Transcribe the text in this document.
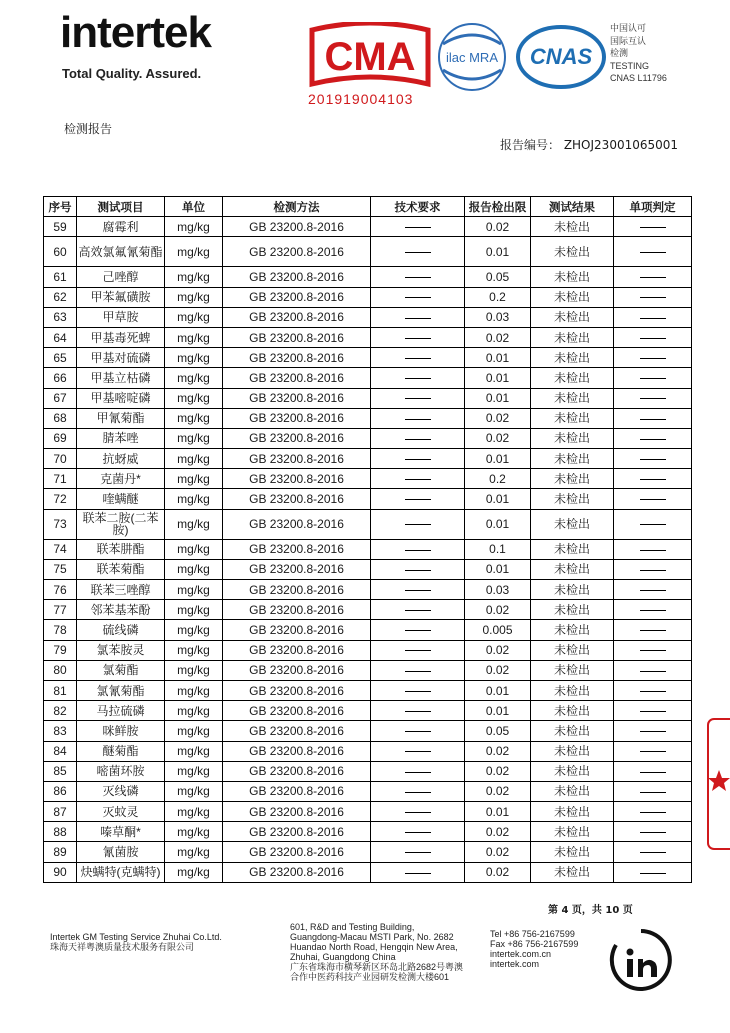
intertek
Total Quality. Assured.	CMA
201919004103
ilac MRA CNAS
中国认可
国际互认
检测
TESTING
CNAS L11796
检测报告
报告编号： ZHOJ23001065001
序号	测试项目	单位	检测方法	技术要求	报告检出限	测试结果	单项判定
59	腐霉利	mg/kg	GB 23200.8-2016		0.02	未检出	
60	高效氯氟氰菊酯	mg/kg	GB 23200.8-2016		0.01	未检出	
61	己唑醇	mg/kg	GB 23200.8-2016		0.05	未检出	
62	甲苯氟磺胺	mg/kg	GB 23200.8-2016		0.2	未检出	
63	甲草胺	mg/kg	GB 23200.8-2016		0.03	未检出	
64	甲基毒死蜱	mg/kg	GB 23200.8-2016		0.02	未检出	
65	甲基对硫磷	mg/kg	GB 23200.8-2016		0.01	未检出	
66	甲基立枯磷	mg/kg	GB 23200.8-2016		0.01	未检出	
67	甲基嘧啶磷	mg/kg	GB 23200.8-2016		0.01	未检出	
68	甲氰菊酯	mg/kg	GB 23200.8-2016		0.02	未检出	
69	腈苯唑	mg/kg	GB 23200.8-2016		0.02	未检出	
70	抗蚜威	mg/kg	GB 23200.8-2016		0.01	未检出	
71	克菌丹*	mg/kg	GB 23200.8-2016		0.2	未检出	
72	喹螨醚	mg/kg	GB 23200.8-2016		0.01	未检出	
73	联苯二胺(二苯胺)	mg/kg	GB 23200.8-2016		0.01	未检出	
74	联苯肼酯	mg/kg	GB 23200.8-2016		0.1	未检出	
75	联苯菊酯	mg/kg	GB 23200.8-2016		0.01	未检出	
76	联苯三唑醇	mg/kg	GB 23200.8-2016		0.03	未检出	
77	邻苯基苯酚	mg/kg	GB 23200.8-2016		0.02	未检出	
78	硫线磷	mg/kg	GB 23200.8-2016		0.005	未检出	
79	氯苯胺灵	mg/kg	GB 23200.8-2016		0.02	未检出	
80	氯菊酯	mg/kg	GB 23200.8-2016		0.02	未检出	
81	氯氰菊酯	mg/kg	GB 23200.8-2016		0.01	未检出	
82	马拉硫磷	mg/kg	GB 23200.8-2016		0.01	未检出	
83	咪鲜胺	mg/kg	GB 23200.8-2016		0.05	未检出	
84	醚菊酯	mg/kg	GB 23200.8-2016		0.02	未检出	
85	嘧菌环胺	mg/kg	GB 23200.8-2016		0.02	未检出	
86	灭线磷	mg/kg	GB 23200.8-2016		0.02	未检出	
87	灭蚊灵	mg/kg	GB 23200.8-2016		0.01	未检出	
88	嗪草酮*	mg/kg	GB 23200.8-2016		0.02	未检出	
89	氰菌胺	mg/kg	GB 23200.8-2016		0.02	未检出	
90	炔螨特(克螨特)	mg/kg	GB 23200.8-2016		0.02	未检出	
第 4 页，共 10 页
Intertek GM Testing Service Zhuhai Co.Ltd.
珠海天祥粤澳质量技术服务有限公司
601, R&D and Testing Building,
Guangdong-Macau MSTI Park, No. 2682
Huandao North Road, Hengqin New Area,
Zhuhai, Guangdong China
广东省珠海市横琴新区环岛北路2682号粤澳
合作中医药科技产业园研发检测大楼601
Tel +86 756-2167599
Fax +86 756-2167599
intertek.com.cn
intertek.com
